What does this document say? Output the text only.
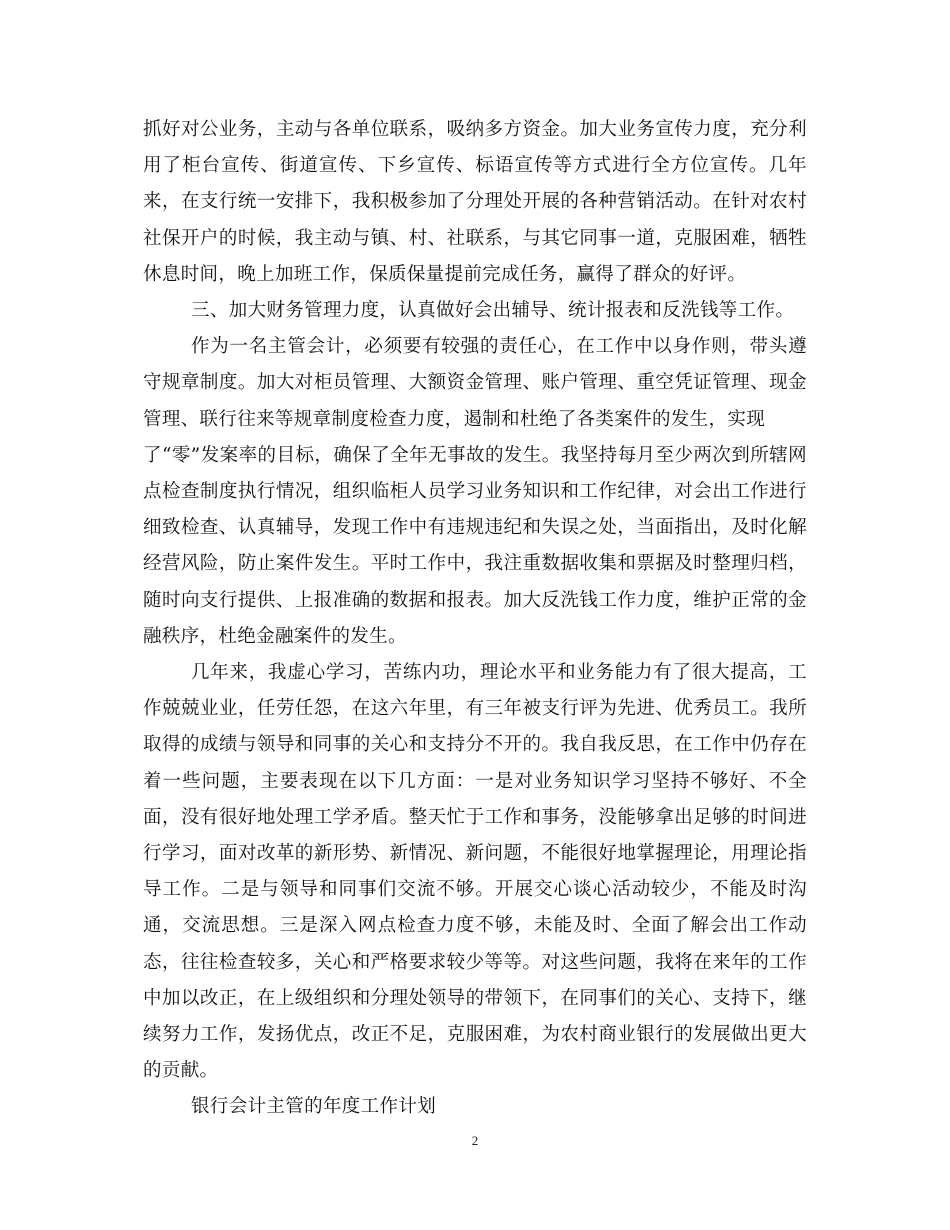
抓好对公业务，主动与各单位联系，吸纳多方资金。加大业务宣传力度，充分利用了柜台宣传、街道宣传、下乡宣传、标语宣传等方式进行全方位宣传。几年来，在支行统一安排下，我积极参加了分理处开展的各种营销活动。在针对农村社保开户的时候，我主动与镇、村、社联系，与其它同事一道，克服困难，牺牲休息时间，晚上加班工作，保质保量提前完成任务，赢得了群众的好评。

三、加大财务管理力度，认真做好会出辅导、统计报表和反洗钱等工作。

作为一名主管会计，必须要有较强的责任心，在工作中以身作则，带头遵守规章制度。加大对柜员管理、大额资金管理、账户管理、重空凭证管理、现金管理、联行往来等规章制度检查力度，遏制和杜绝了各类案件的发生，实现

了“零”发案率的目标，确保了全年无事故的发生。我坚持每月至少两次到所辖网点检查制度执行情况，组织临柜人员学习业务知识和工作纪律，对会出工作进行细致检查、认真辅导，发现工作中有违规违纪和失误之处，当面指出，及时化解经营风险，防止案件发生。平时工作中，我注重数据收集和票据及时整理归档，随时向支行提供、上报准确的数据和报表。加大反洗钱工作力度，维护正常的金融秩序，杜绝金融案件的发生。

几年来，我虚心学习，苦练内功，理论水平和业务能力有了很大提高，工作兢兢业业，任劳任怨，在这六年里，有三年被支行评为先进、优秀员工。我所取得的成绩与领导和同事的关心和支持分不开的。我自我反思，在工作中仍存在着一些问题，主要表现在以下几方面：一是对业务知识学习坚持不够好、不全面，没有很好地处理工学矛盾。整天忙于工作和事务，没能够拿出足够的时间进行学习，面对改革的新形势、新情况、新问题，不能很好地掌握理论，用理论指导工作。二是与领导和同事们交流不够。开展交心谈心活动较少，不能及时沟通，交流思想。三是深入网点检查力度不够，未能及时、全面了解会出工作动态，往往检查较多，关心和严格要求较少等等。对这些问题，我将在来年的工作中加以改正，在上级组织和分理处领导的带领下，在同事们的关心、支持下，继续努力工作，发扬优点，改正不足，克服困难，为农村商业银行的发展做出更大的贡献。

银行会计主管的年度工作计划

2
